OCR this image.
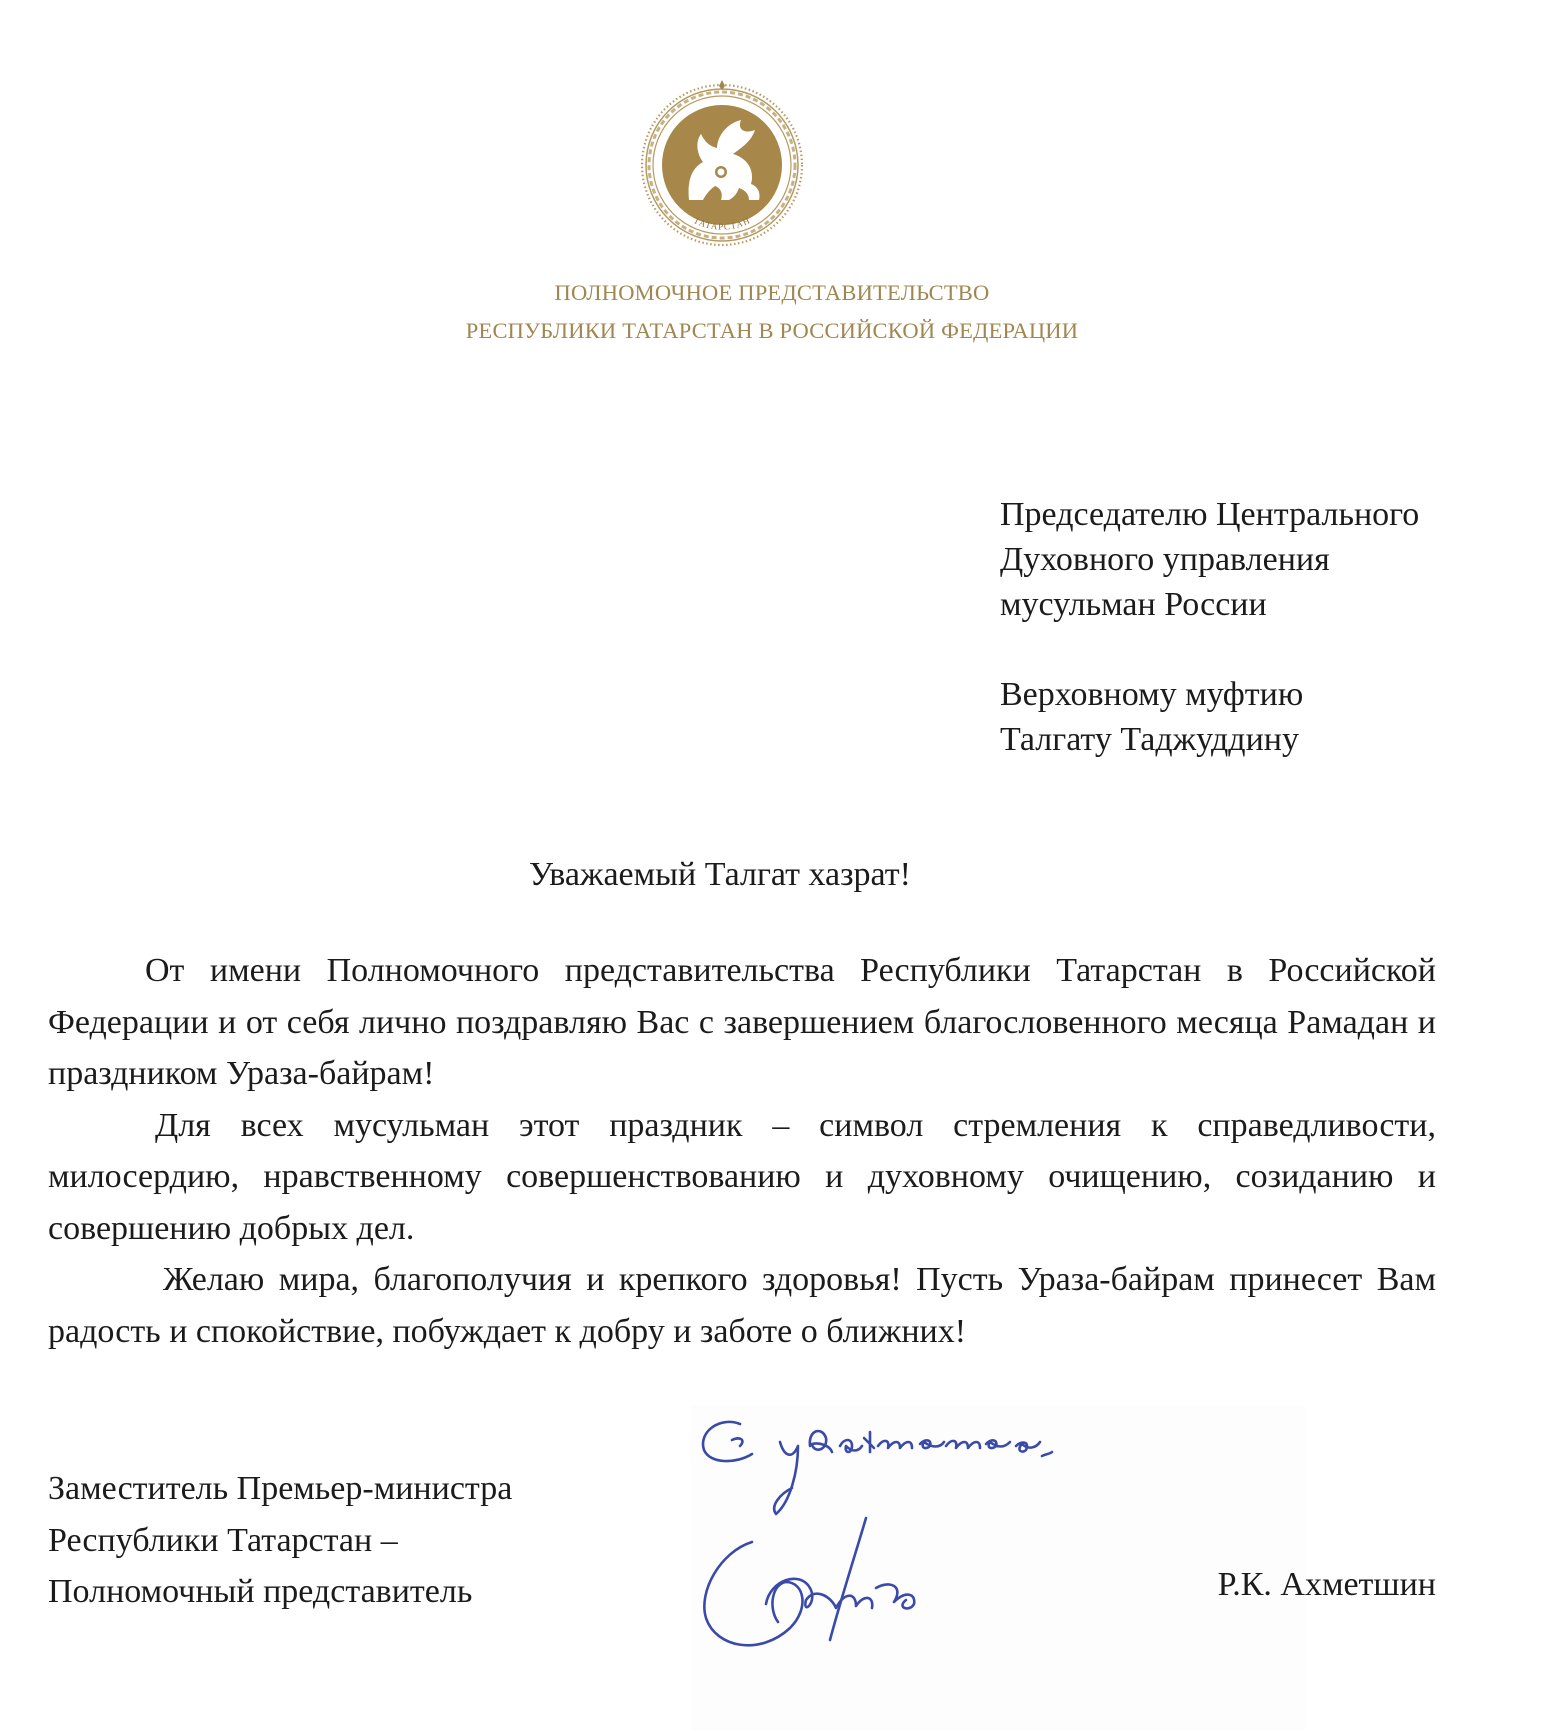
ТАТАРСТАН
ПОЛНОМОЧНОЕ ПРЕДСТАВИТЕЛЬСТВО
РЕСПУБЛИКИ ТАТАРСТАН В РОССИЙСКОЙ ФЕДЕРАЦИИ
Председателю Центрального
Духовного управления
мусульман России
Верховному муфтию
Талгату Таджуддину
Уважаемый Талгат хазрат!

От имени Полномочного представительства Республики Татарстан в Российской Федерации и от себя лично поздравляю Вас с завершением благословенного месяца Рамадан и праздником Ураза-байрам!

Для всех мусульман этот праздник – символ стремления к справедливости, милосердию, нравственному совершенствованию и духовному очищению, созиданию и совершению добрых дел.

Желаю мира, благополучия и крепкого здоровья! Пусть Ураза-байрам принесет Вам радость и спокойствие, побуждает к добру и заботе о ближних!

Заместитель Премьер-министра
Республики Татарстан –
Полномочный представитель	Р.К. Ахметшин
